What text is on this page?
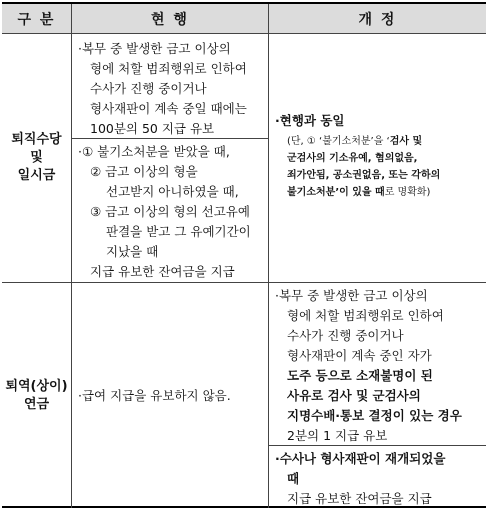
구 분	현 행	개 정
퇴직수당
및
일시금
·복무 중 발생한 금고 이상의
형에 처할 범죄행위로 인하여
수사가 진행 중이거나
형사재판이 계속 중일 때에는
100분의 50 지급 유보
·① 불기소처분을 받았을 때,
② 금고 이상의 형을
선고받지 아니하였을 때,
③ 금고 이상의 형의 선고유예
판결을 받고 그 유예기간이
지났을 때
지급 유보한 잔여금을 지급
·현행과 동일
(단, ① ‘불기소처분’을 ‘검사 및
군검사의 기소유예, 혐의없음,
죄가안됨, 공소권없음, 또는 각하의
불기소처분’이 있을 때로 명확화)
퇴역(상이)
연금
·급여 지급을 유보하지 않음.
·복무 중 발생한 금고 이상의
형에 처할 범죄행위로 인하여
수사가 진행 중이거나
형사재판이 계속 중인 자가
도주 등으로 소재불명이 된
사유로 검사 및 군검사의
지명수배·통보 결정이 있는 경우
2분의 1 지급 유보
·수사나 형사재판이 재개되었을
때
지급 유보한 잔여금을 지급
